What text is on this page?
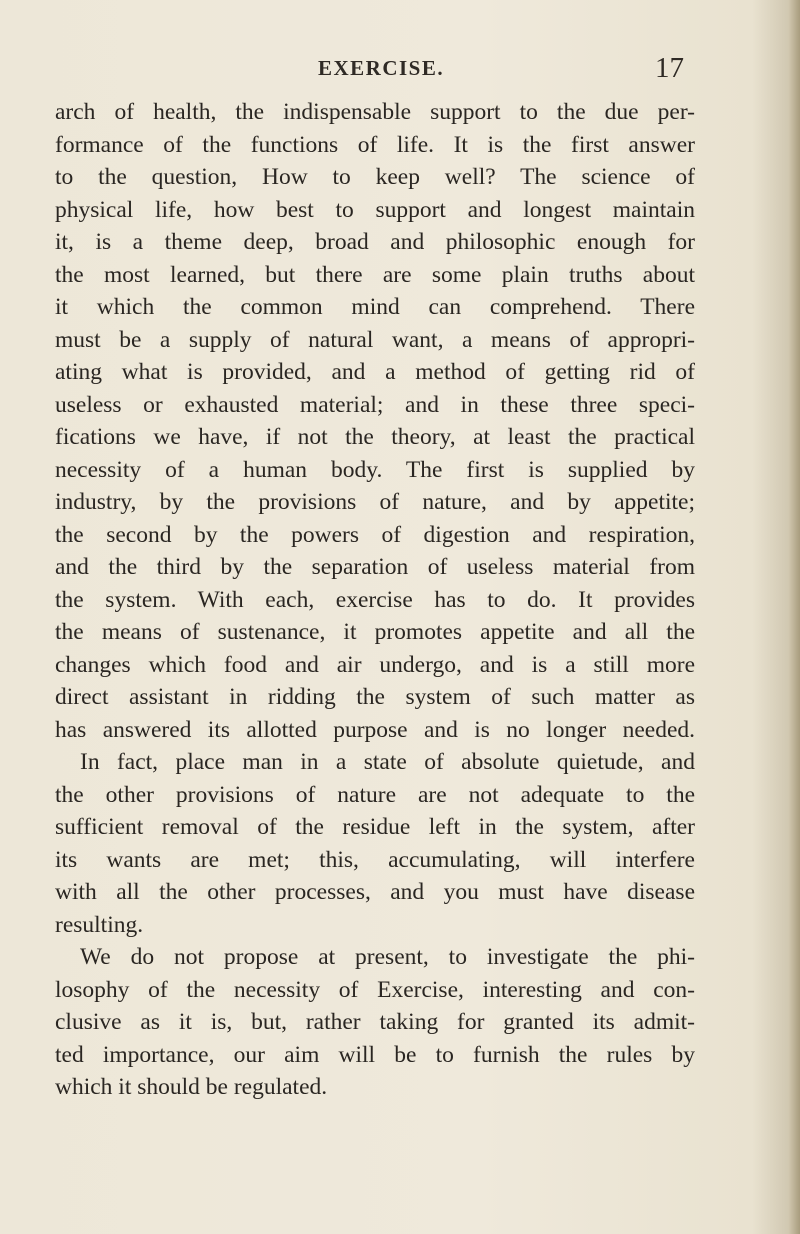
EXERCISE.	17
arch of health, the indispensable support to the due per-
formance of the functions of life. It is the first answer
to the question, How to keep well? The science of
physical life, how best to support and longest maintain
it, is a theme deep, broad and philosophic enough for
the most learned, but there are some plain truths about
it which the common mind can comprehend. There
must be a supply of natural want, a means of appropri-
ating what is provided, and a method of getting rid of
useless or exhausted material; and in these three speci-
fications we have, if not the theory, at least the practical
necessity of a human body. The first is supplied by
industry, by the provisions of nature, and by appetite;
the second by the powers of digestion and respiration,
and the third by the separation of useless material from
the system. With each, exercise has to do. It provides
the means of sustenance, it promotes appetite and all the
changes which food and air undergo, and is a still more
direct assistant in ridding the system of such matter as
has answered its allotted purpose and is no longer needed.
In fact, place man in a state of absolute quietude, and
the other provisions of nature are not adequate to the
sufficient removal of the residue left in the system, after
its wants are met; this, accumulating, will interfere
with all the other processes, and you must have disease
resulting.
We do not propose at present, to investigate the phi-
losophy of the necessity of Exercise, interesting and con-
clusive as it is, but, rather taking for granted its admit-
ted importance, our aim will be to furnish the rules by
which it should be regulated.
